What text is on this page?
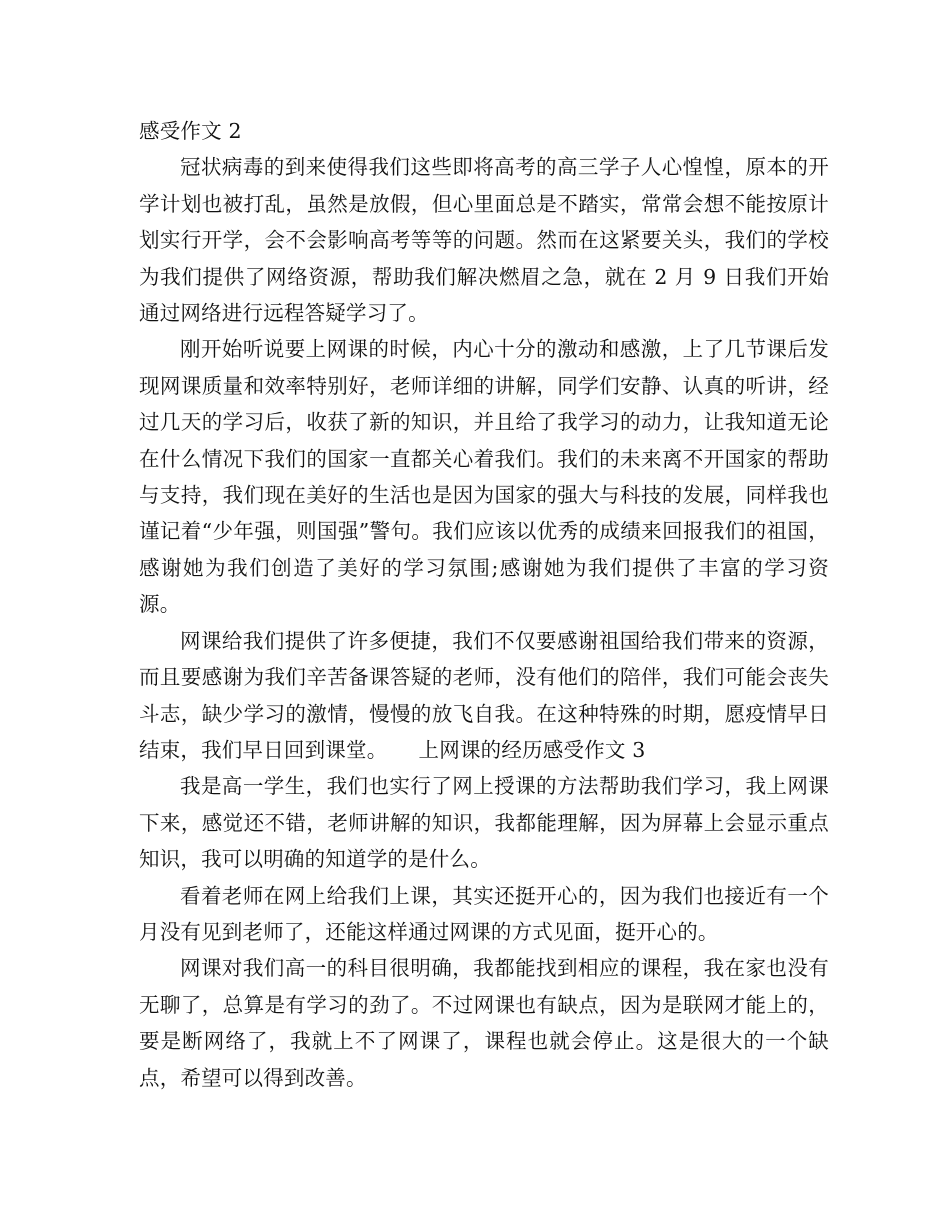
感受作文 2

冠状病毒的到来使得我们这些即将高考的高三学子人心惶惶，原本的开学计划也被打乱，虽然是放假，但心里面总是不踏实，常常会想不能按原计划实行开学，会不会影响高考等等的问题。然而在这紧要关头，我们的学校为我们提供了网络资源，帮助我们解决燃眉之急，就在 2 月 9 日我们开始通过网络进行远程答疑学习了。

刚开始听说要上网课的时候，内心十分的激动和感激，上了几节课后发现网课质量和效率特别好，老师详细的讲解，同学们安静、认真的听讲，经过几天的学习后，收获了新的知识，并且给了我学习的动力，让我知道无论在什么情况下我们的国家一直都关心着我们。我们的未来离不开国家的帮助与支持，我们现在美好的生活也是因为国家的强大与科技的发展，同样我也谨记着“少年强，则国强”警句。我们应该以优秀的成绩来回报我们的祖国，感谢她为我们创造了美好的学习氛围;感谢她为我们提供了丰富的学习资源。

网课给我们提供了许多便捷，我们不仅要感谢祖国给我们带来的资源，而且要感谢为我们辛苦备课答疑的老师，没有他们的陪伴，我们可能会丧失斗志，缺少学习的激情，慢慢的放飞自我。在这种特殊的时期，愿疫情早日结束，我们早日回到课堂。　　上网课的经历感受作文 3

我是高一学生，我们也实行了网上授课的方法帮助我们学习，我上网课下来，感觉还不错，老师讲解的知识，我都能理解，因为屏幕上会显示重点知识，我可以明确的知道学的是什么。

看着老师在网上给我们上课，其实还挺开心的，因为我们也接近有一个月没有见到老师了，还能这样通过网课的方式见面，挺开心的。

网课对我们高一的科目很明确，我都能找到相应的课程，我在家也没有无聊了，总算是有学习的劲了。不过网课也有缺点，因为是联网才能上的，要是断网络了，我就上不了网课了，课程也就会停止。这是很大的一个缺点，希望可以得到改善。
